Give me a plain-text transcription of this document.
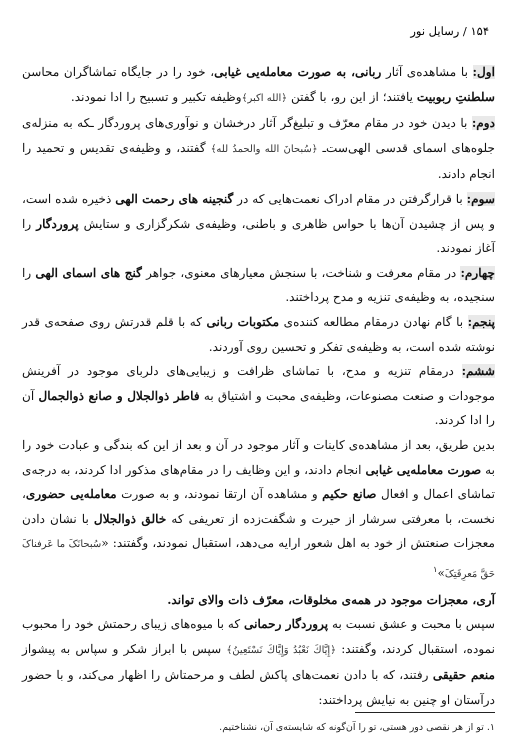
۱۵۴ / رسایل نور

اول: با مشاهده‌ی آثار ربانی، به صورت معامله‌یی غیابی، خود را در جایگاه تماشاگران محاسن سلطنتِ ربوبیت یافتند؛ از این رو، با گفتن ﴿الله اکبر﴾وظیفه تکبیر و تسبیح را ادا نمودند.

دوم: با دیدن خود در مقام معرّف و تبلیغ‌گر آثار درخشان و نوآوری‌های پروردگار ـکه به منزله‌ی جلوه‌های اسمای قدسی الهی‌ست‌ـ ﴿سُبحانَ الله والحمدُ لله﴾ گفتند، و وظیفه‌ی تقدیس و تحمید را انجام دادند.

سوم: با قرارگرفتن در مقام ادراک نعمت‌هایی که در گنجینه های رحمت الهی ذخیره شده است، و پس از چشیدن آن‌ها با حواس ظاهری و باطنی، وظیفه‌ی شکرگزاری و ستایش پروردگار را آغاز نمودند.

چهارم: در مقام معرفت و شناخت، با سنجش معیارهای معنوی، جواهر گنج های اسمای الهی را سنجیده، به وظیفه‌ی تنزیه و مدح پرداختند.

پنجم: با گام نهادن درمقام مطالعه کننده‌ی مکتوبات ربانی که با قلم قدرتش روی صفحه‌ی قدر نوشته شده است، به وظیفه‌ی تفکر و تحسین روی آوردند.

ششم: درمقام تنزیه و مدح، با تماشای ظرافت و زیبایی‌های دلربای موجود در آفرینش موجودات و صنعت مصنوعات، وظیفه‌ی محبت و اشتیاق به فاطر ذوالجلال و صانع ذوالجمال آن را ادا کردند.

بدین طریق، بعد از مشاهده‌ی کاینات و آثار موجود در آن و بعد از این که بندگی و عبادت خود را به صورت معامله‌یی غیابی انجام دادند، و این وظایف را در مقام‌های مذکور ادا کردند، به درجه‌ی تماشای اعمال و افعال صانع حکیم و مشاهده آن ارتقا نمودند، و به صورت معامله‌یی حضوری، نخست، با معرفتی سرشار از حیرت و شگفت‌زده از تعریفی که خالق ذوالجلال با نشان دادن معجزات صنعتش از خود به اهل شعور ارایه می‌دهد، استقبال نمودند، وگفتند: «سُبحانَکَ ما عَرفناکَ حَقَّ مَعرِفَتِکَ»$^۱$

آری، معجزات موجود در همه‌ی مخلوقات، معرّف ذات والای تواند.

سپس با محبت و عشق نسبت به پروردگار رحمانی که با میوه‌های زیبای رحمتش خود را محبوب نموده، استقبال کردند، وگفتند: ﴿إِيَّاكَ نَعْبُدُ وَإِيَّاكَ نَسْتَعِينُ﴾ سپس با ابراز شکر و سپاس به پیشواز منعم حقیقی رفتند، که با دادن نعمت‌های پاکش لطف و مرحمتاش را اظهار می‌کند، و با حضور درآستان او چنین به نیایش پرداختند:

۱. تو از هر نقصی دور هستی، تو را آن‌گونه که شایسته‌ی آن، نشناختیم.
